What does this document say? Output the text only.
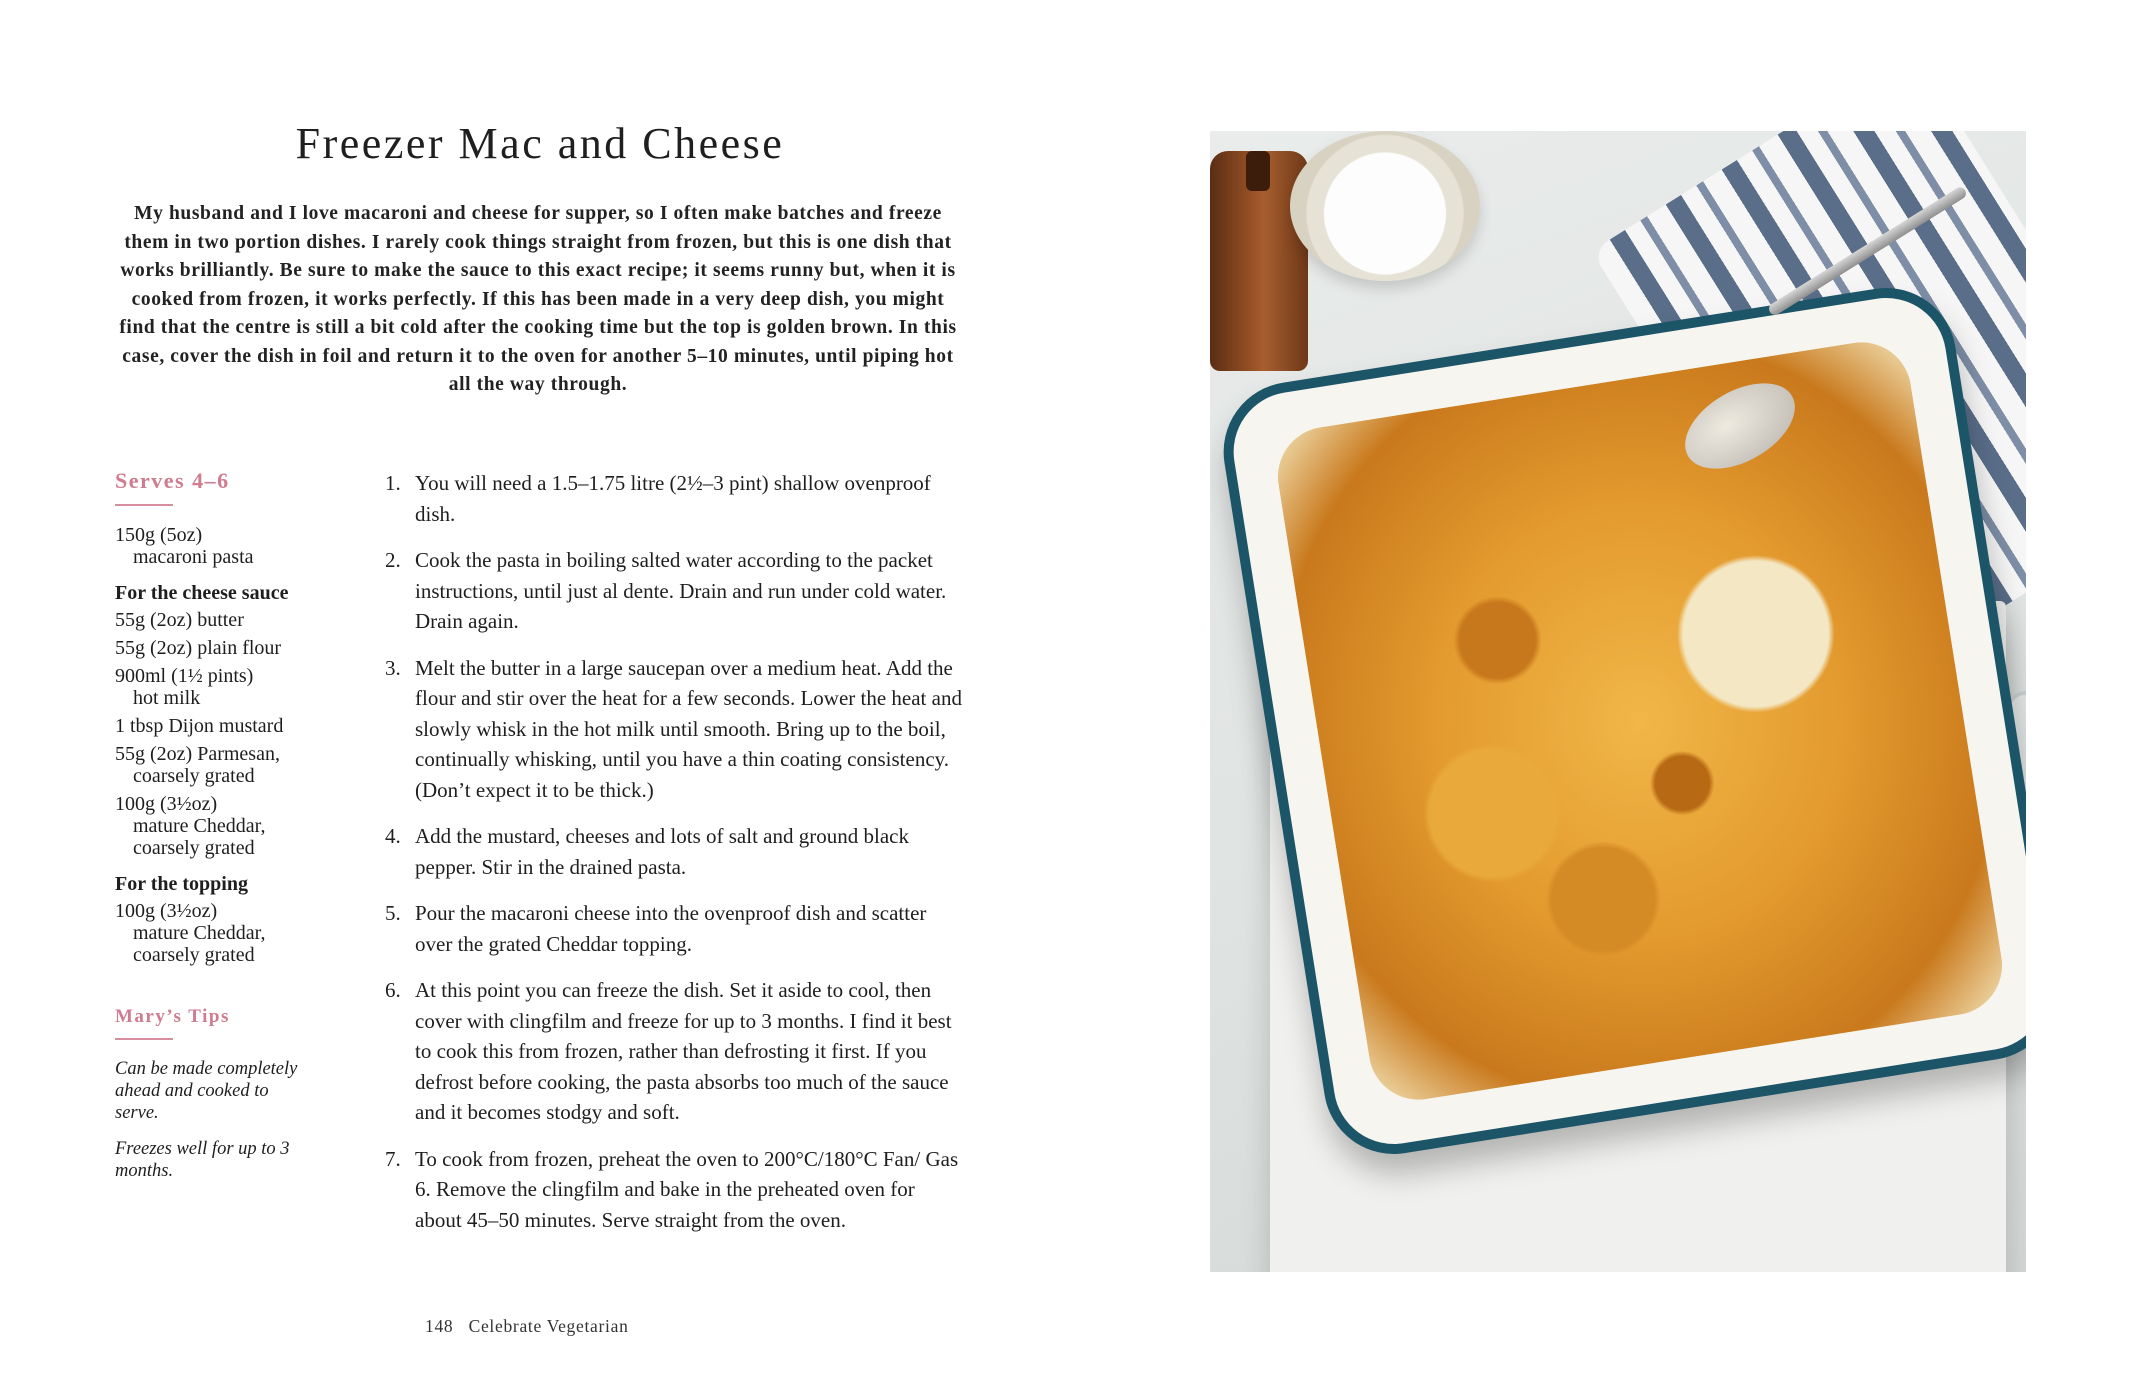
Freezer Mac and Cheese

My husband and I love macaroni and cheese for supper, so I often make batches and freeze them in two portion dishes. I rarely cook things straight from frozen, but this is one dish that works brilliantly. Be sure to make the sauce to this exact recipe; it seems runny but, when it is cooked from frozen, it works perfectly. If this has been made in a very deep dish, you might find that the centre is still a bit cold after the cooking time but the top is golden brown. In this case, cover the dish in foil and return it to the oven for another 5–10 minutes, until piping hot all the way through.

Serves 4–6
150g (5oz)
macaroni pasta
For the cheese sauce
55g (2oz) butter
55g (2oz) plain flour
900ml (1½ pints)
hot milk
1 tbsp Dijon mustard
55g (2oz) Parmesan,
coarsely grated
100g (3½oz)
mature Cheddar, coarsely grated
For the topping
100g (3½oz)
mature Cheddar, coarsely grated
Mary’s Tips

Can be made completely ahead and cooked to serve.

Freezes well for up to 3 months.

1. You will need a 1.5–1.75 litre (2½–3 pint) shallow ovenproof dish.
2. Cook the pasta in boiling salted water according to the packet instructions, until just al dente. Drain and run under cold water. Drain again.
3. Melt the butter in a large saucepan over a medium heat. Add the flour and stir over the heat for a few seconds. Lower the heat and slowly whisk in the hot milk until smooth. Bring up to the boil, continually whisking, until you have a thin coating consistency. (Don’t expect it to be thick.)
4. Add the mustard, cheeses and lots of salt and ground black pepper. Stir in the drained pasta.
5. Pour the macaroni cheese into the ovenproof dish and scatter over the grated Cheddar topping.
6. At this point you can freeze the dish. Set it aside to cool, then cover with clingfilm and freeze for up to 3 months. I find it best to cook this from frozen, rather than defrosting it first. If you defrost before cooking, the pasta absorbs too much of the sauce and it becomes stodgy and soft.
7. To cook from frozen, preheat the oven to 200°C/180°C Fan/ Gas 6. Remove the clingfilm and bake in the preheated oven for about 45–50 minutes. Serve straight from the oven.
148 Celebrate Vegetarian
